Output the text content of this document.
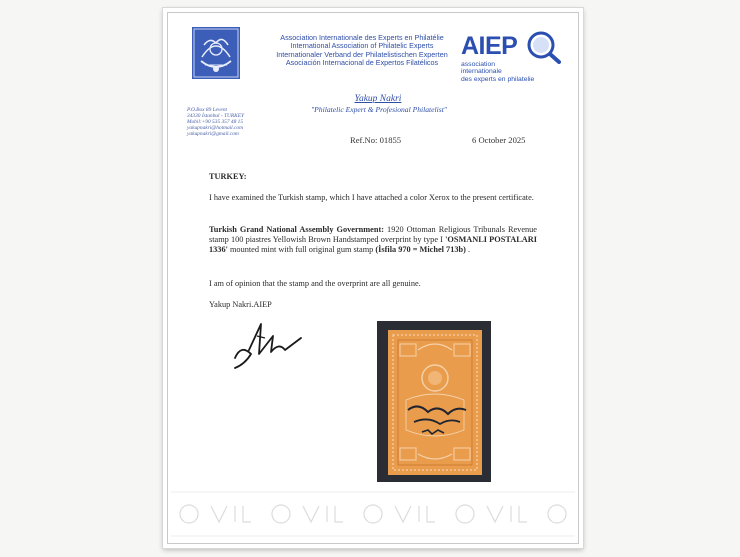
Association Internationale des Experts en Philatélie
International Association of Philatelic Experts
Internationaler Verband der Philatelistischen Experten
Asociación Internacional de Expertos Filatélicos
AIEP
association
internationale
des experts en philatelie
Yakup Nakri
"Philatelic Expert & Profesional Philatelist"
P.O.Box 89 Levent
34330 İstanbul - TURKEY
Mobil:+90 535 357 48 15
yakupnakri@hotmail.com
yakupnakri@gmail.com
Ref.No: 01855	6 October 2025
TURKEY:
I have examined the Turkish stamp, which I have attached a color Xerox to the present certificate.
Turkish Grand National Assembly Government: 1920 Ottoman Religious Tribunals Revenue stamp 100 piastres Yellowish Brown Handstamped overprint by type I 'OSMANLI POSTALARI 1336' mounted mint with full original gum stamp (İsfila 970 = Michel 713b) .
I am of opinion that the stamp and the overprint are all genuine.
Yakup Nakri.AIEP
